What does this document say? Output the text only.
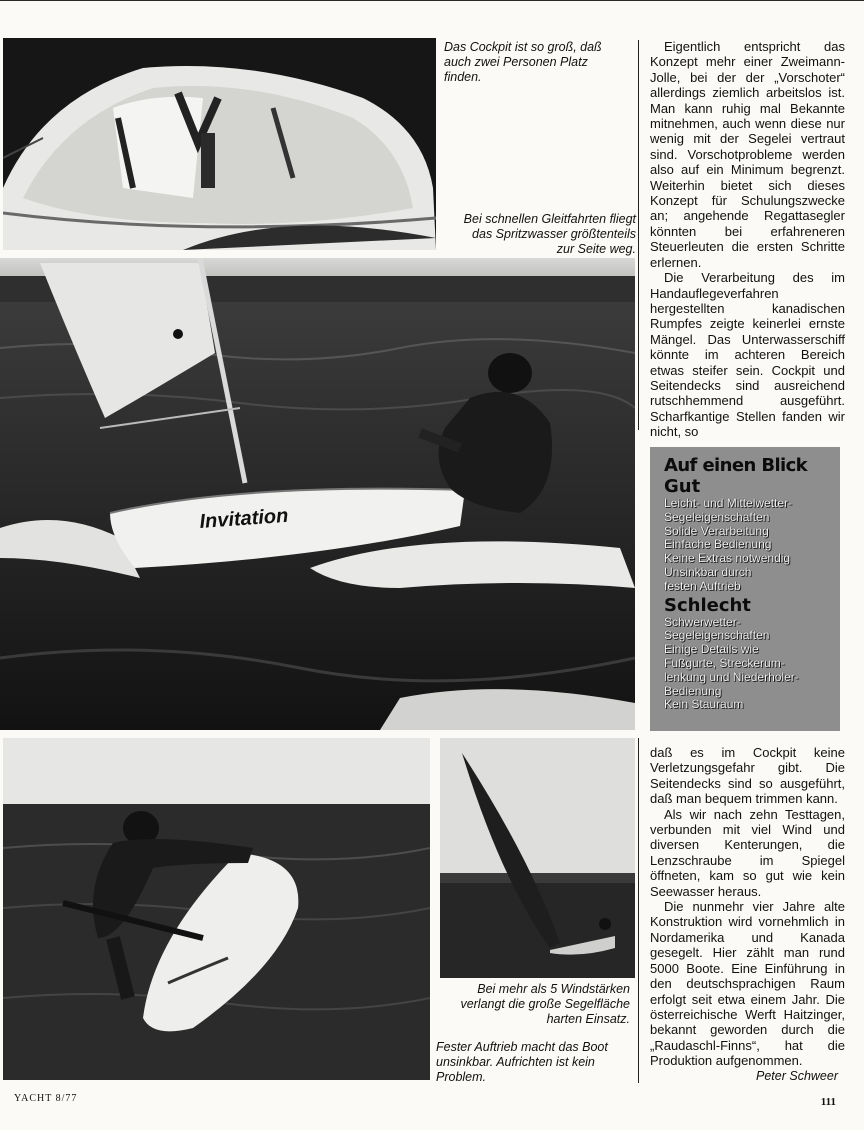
Das Cockpit ist so groß, daß auch zwei Personen Platz finden.

Bei schnellen Gleitfahrten fliegt das Spritzwasser größtenteils zur Seite weg.

Invitation

Bei mehr als 5 Windstärken verlangt die große Segelfläche harten Einsatz.

Fester Auftrieb macht das Boot unsinkbar. Aufrichten ist kein Problem.

Eigentlich entspricht das Konzept mehr einer Zweimann-Jolle, bei der der „Vorschoter“ allerdings ziemlich arbeitslos ist. Man kann ruhig mal Bekannte mitnehmen, auch wenn diese nur wenig mit der Segelei vertraut sind. Vorschotprobleme werden also auf ein Minimum begrenzt. Weiterhin bietet sich dieses Konzept für Schulungszwecke an; angehende Regattasegler könnten bei erfahreneren Steuerleuten die ersten Schritte erlernen.

Die Verarbeitung des im Handauflegeverfahren hergestellten kanadischen Rumpfes zeigte keinerlei ernste Mängel. Das Unterwasserschiff könnte im achteren Bereich etwas steifer sein. Cockpit und Seitendecks sind ausreichend rutschhemmend ausgeführt. Scharfkantige Stellen fanden wir nicht, so

Auf einen Blick
Gut
Leicht- und Mittelwetter-
Segeleigenschaften
Solide Verarbeitung
Einfache Bedienung
Keine Extras notwendig
Unsinkbar durch
festen Auftrieb
Schlecht
Schwerwetter-
Segeleigenschaften
Einige Details wie
Fußgurte, Streckerum-
lenkung und Niederholer-
Bedienung
Kein Stauraum

daß es im Cockpit keine Verletzungsgefahr gibt. Die Seitendecks sind so ausgeführt, daß man bequem trimmen kann.

Als wir nach zehn Testtagen, verbunden mit viel Wind und diversen Kenterungen, die Lenzschraube im Spiegel öffneten, kam so gut wie kein Seewasser heraus.

Die nunmehr vier Jahre alte Konstruktion wird vornehmlich in Nordamerika und Kanada gesegelt. Hier zählt man rund 5000 Boote. Eine Einführung in den deutschsprachigen Raum erfolgt seit etwa einem Jahr. Die österreichische Werft Haitzinger, bekannt geworden durch die „Raudaschl-Finns“, hat die Produktion aufgenommen.

Peter Schweer
YACHT 8/77	111
